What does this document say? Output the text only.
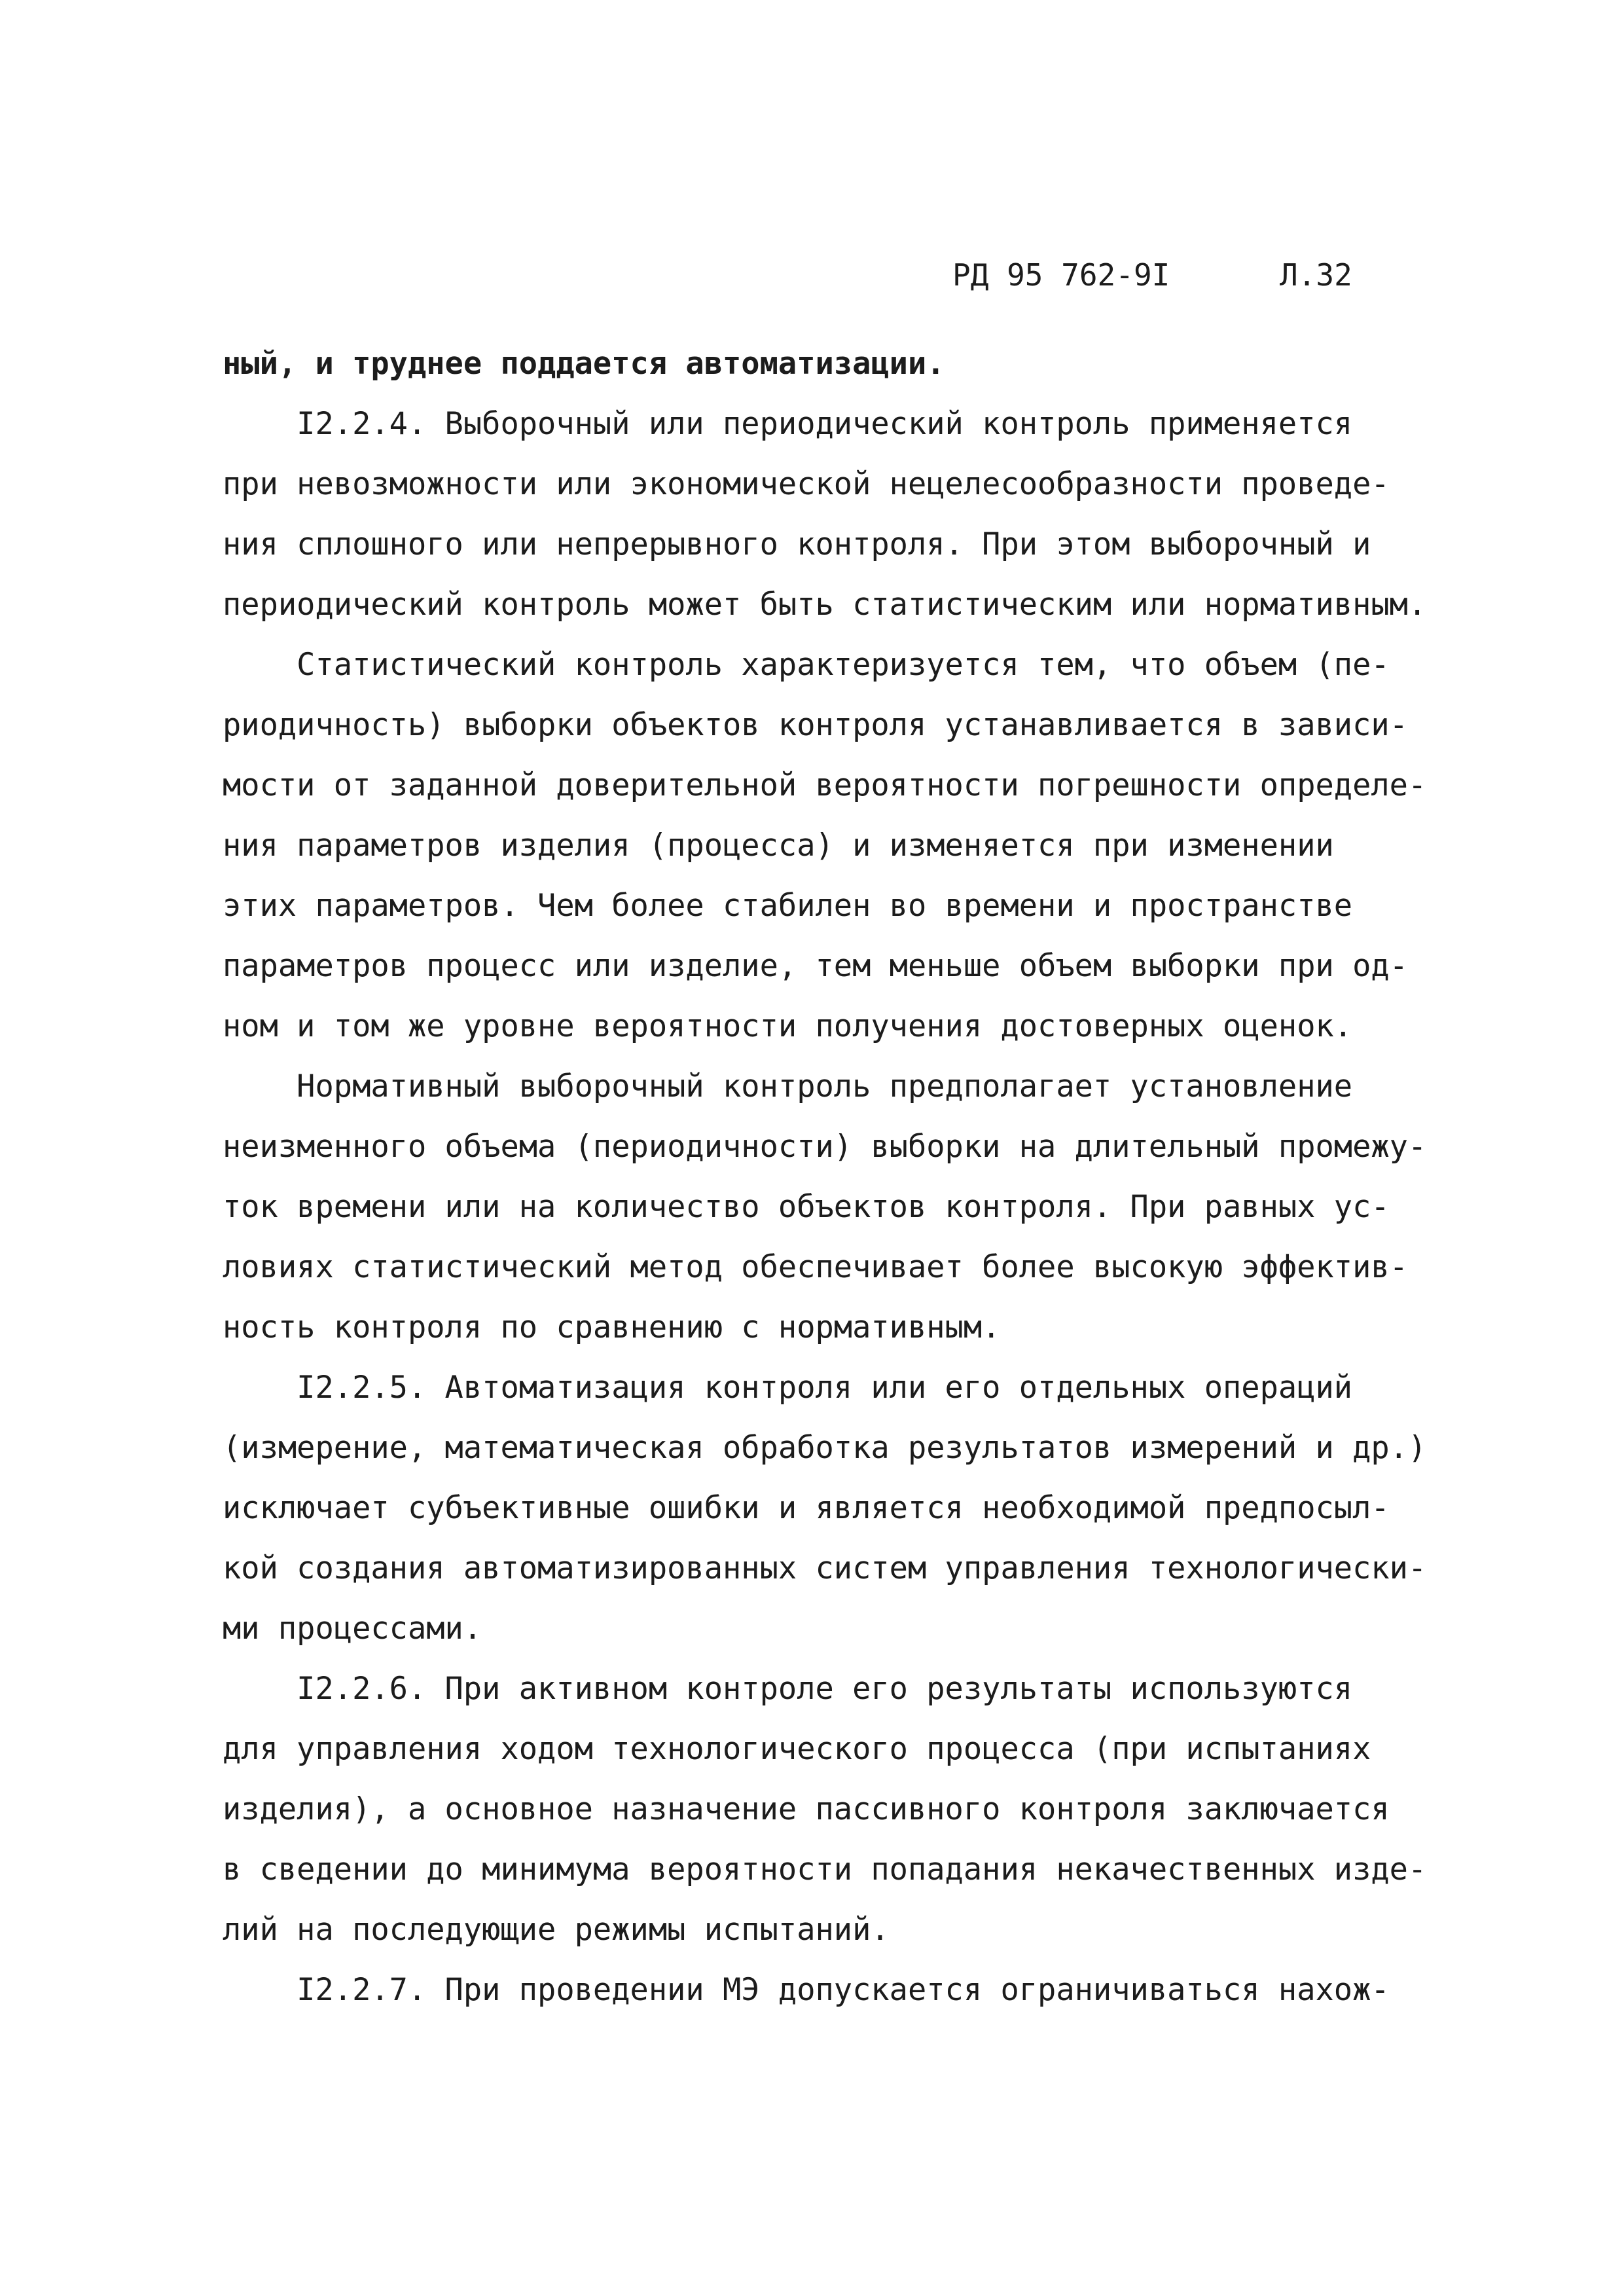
РД 95 762-9I	Л.32
ный, и труднее поддается автоматизации.
I2.2.4. Выборочный или периодический контроль применяется
при невозможности или экономической нецелесообразности проведе-
ния сплошного или непрерывного контроля. При этом выборочный и
периодический контроль может быть статистическим или нормативным.
Статистический контроль характеризуется тем, что объем (пе-
риодичность) выборки объектов контроля устанавливается в зависи-
мости от заданной доверительной вероятности погрешности определе-
ния параметров изделия (процесса) и изменяется при изменении
этих параметров. Чем более стабилен во времени и пространстве
параметров процесс или изделие, тем меньше объем выборки при од-
ном и том же уровне вероятности получения достоверных оценок.
Нормативный выборочный контроль предполагает установление
неизменного объема (периодичности) выборки на длительный промежу-
ток времени или на количество объектов контроля. При равных ус-
ловиях статистический метод обеспечивает более высокую эффектив-
ность контроля по сравнению с нормативным.
I2.2.5. Автоматизация контроля или его отдельных операций
(измерение, математическая обработка результатов измерений и др.)
исключает субъективные ошибки и является необходимой предпосыл-
кой создания автоматизированных систем управления технологически-
ми процессами.
I2.2.6. При активном контроле его результаты используются
для управления ходом технологического процесса (при испытаниях
изделия), а основное назначение пассивного контроля заключается
в сведении до минимума вероятности попадания некачественных изде-
лий на последующие режимы испытаний.
I2.2.7. При проведении МЭ допускается ограничиваться нахож-
